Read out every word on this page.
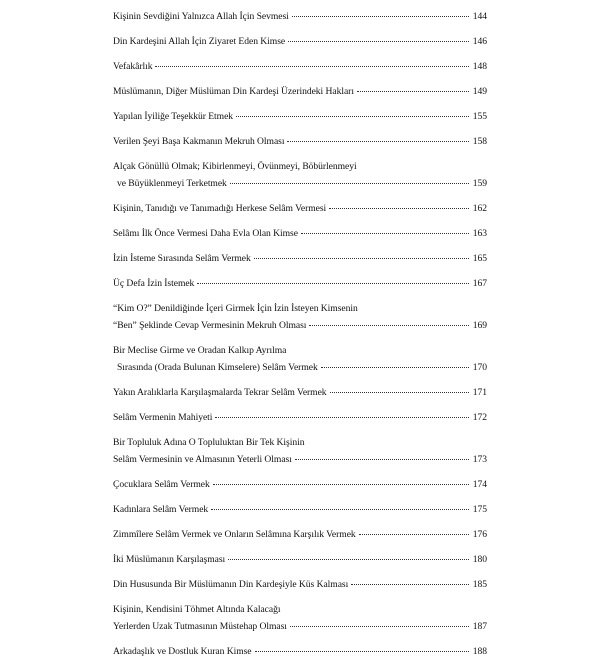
Kişinin Sevdiğini Yalnızca Allah İçin Sevmesi	144
Din Kardeşini Allah İçin Ziyaret Eden Kimse	146
Vefakârlık	148
Müslümanın, Diğer Müslüman Din Kardeşi Üzerindeki Hakları	149
Yapılan İyiliğe Teşekkür Etmek	155
Verilen Şeyi Başa Kakmanın Mekruh Olması	158
Alçak Gönüllü Olmak; Kibirlenmeyi, Övünmeyi, Böbürlenmeyi
ve Büyüklenmeyi Terketmek	159
Kişinin, Tanıdığı ve Tanımadığı Herkese Selâm Vermesi	162
Selâmı İlk Önce Vermesi Daha Evla Olan Kimse	163
İzin İsteme Sırasında Selâm Vermek	165
Üç Defa İzin İstemek	167
“Kim O?” Denildiğinde İçeri Girmek İçin İzin İsteyen Kimsenin
“Ben” Şeklinde Cevap Vermesinin Mekruh Olması	169
Bir Meclise Girme ve Oradan Kalkıp Ayrılma
Sırasında (Orada Bulunan Kimselere) Selâm Vermek	170
Yakın Aralıklarla Karşılaşmalarda Tekrar Selâm Vermek	171
Selâm Vermenin Mahiyeti	172
Bir Topluluk Adına O Topluluktan Bir Tek Kişinin
Selâm Vermesinin ve Almasının Yeterli Olması	173
Çocuklara Selâm Vermek	174
Kadınlara Selâm Vermek	175
Zimmîlere Selâm Vermek ve Onların Selâmına Karşılık Vermek	176
İki Müslümanın Karşılaşması	180
Din Hususunda Bir Müslümanın Din Kardeşiyle Küs Kalması	185
Kişinin, Kendisini Töhmet Altında Kalacağı
Yerlerden Uzak Tutmasının Müstehap Olması	187
Arkadaşlık ve Dostluk Kuran Kimse	188
